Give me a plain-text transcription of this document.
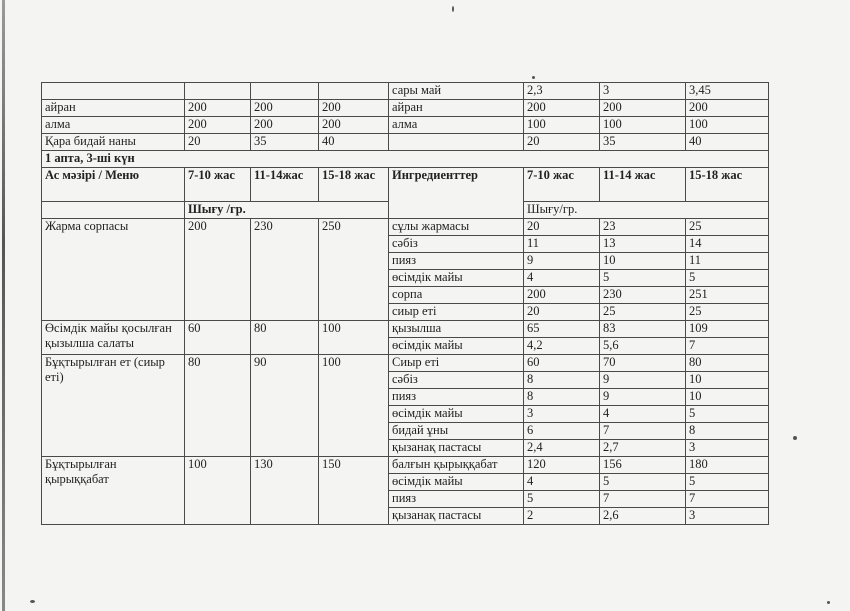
				сары май	2,3	3	3,45
айран	200	200	200	айран	200	200	200
алма	200	200	200	алма	100	100	100
Қара бидай наны	20	35	40		20	35	40
1 апта, 3-ші күн							
Ас мәзірі / Меню	7-10 жас	11-14жас	15-18 жас	Ингредиенттер	7-10 жас	11-14 жас	15-18 жас
	Шығу /гр.				Шығу/гр.		
Жарма сорпасы	200	230	250	сұлы жармасы	20	23	25
				сәбіз	11	13	14
				пияз	9	10	11
				өсімдік майы	4	5	5
				сорпа	200	230	251
				сиыр еті	20	25	25
Өсімдік майы қосылған қызылша салаты	60	80	100	қызылша	65	83	109
				өсімдік майы	4,2	5,6	7
Бұқтырылған ет (сиыр еті)	80	90	100	Сиыр еті	60	70	80
				сәбіз	8	9	10
				пияз	8	9	10
				өсімдік майы	3	4	5
				бидай ұны	6	7	8
				қызанақ пастасы	2,4	2,7	3
Бұқтырылған қырыққабат	100	130	150	балғын қырыққабат	120	156	180
				өсімдік майы	4	5	5
				пияз	5	7	7
				қызанақ пастасы	2	2,6	3
